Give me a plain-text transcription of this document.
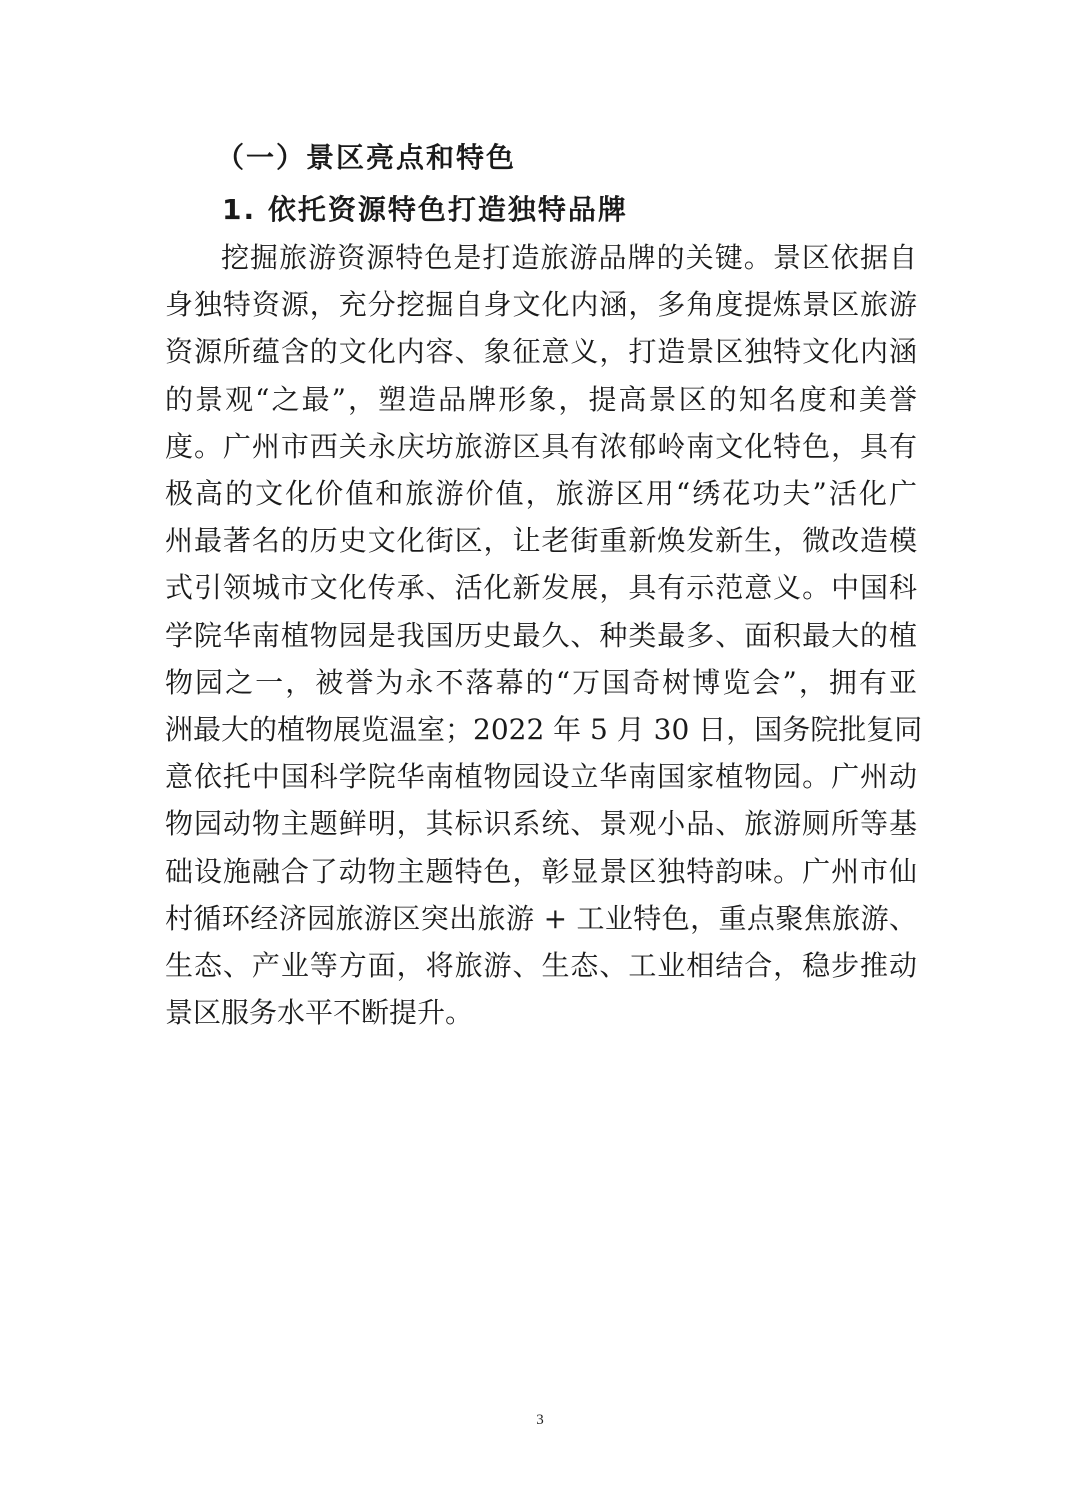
（一）景区亮点和特色
1. 依托资源特色打造独特品牌
挖掘旅游资源特色是打造旅游品牌的关键。景区依据自
身独特资源，充分挖掘自身文化内涵，多角度提炼景区旅游
资源所蕴含的文化内容、象征意义，打造景区独特文化内涵
的景观“之最”，塑造品牌形象，提高景区的知名度和美誉
度。广州市西关永庆坊旅游区具有浓郁岭南文化特色，具有
极高的文化价值和旅游价值，旅游区用“绣花功夫”活化广
州最著名的历史文化街区，让老街重新焕发新生，微改造模
式引领城市文化传承、活化新发展，具有示范意义。中国科
学院华南植物园是我国历史最久、种类最多、面积最大的植
物园之一，被誉为永不落幕的“万国奇树博览会”，拥有亚
洲最大的植物展览温室；2022 年 5 月 30 日，国务院批复同
意依托中国科学院华南植物园设立华南国家植物园。广州动
物园动物主题鲜明，其标识系统、景观小品、旅游厕所等基
础设施融合了动物主题特色，彰显景区独特韵味。广州市仙
村循环经济园旅游区突出旅游 + 工业特色，重点聚焦旅游、
生态、产业等方面，将旅游、生态、工业相结合，稳步推动
景区服务水平不断提升。
3
